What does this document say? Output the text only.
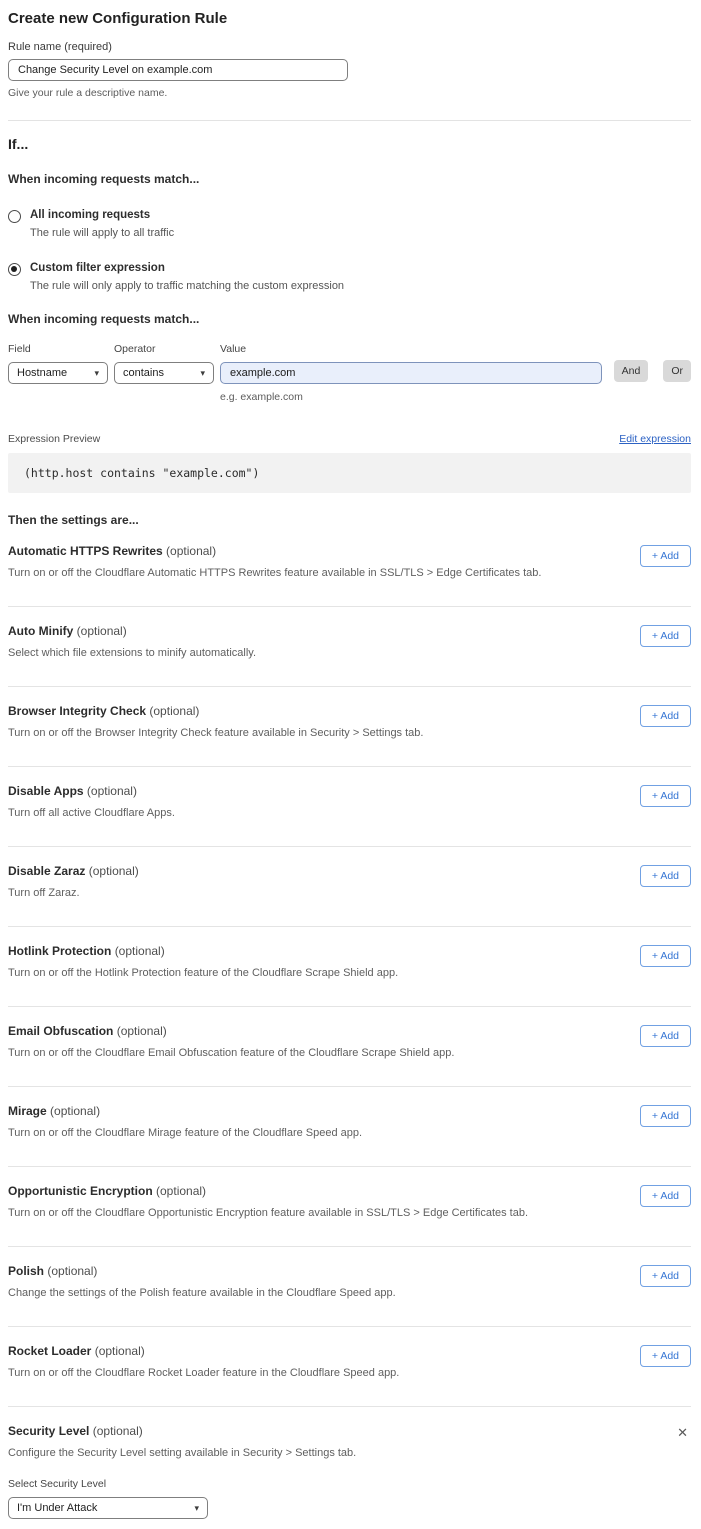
Create new Configuration Rule
Rule name (required)
Change Security Level on example.com
Give your rule a descriptive name.
If...
When incoming requests match...
All incoming requests
The rule will apply to all traffic
Custom filter expression
The rule will only apply to traffic matching the custom expression
When incoming requests match...
Field
Hostname	▾
Operator
contains	▾
Value
example.com
e.g. example.com
And	Or
Expression Preview	Edit expression
(http.host contains "example.com")
Then the settings are...
Automatic HTTPS Rewrites (optional)
Turn on or off the Cloudflare Automatic HTTPS Rewrites feature available in SSL/TLS > Edge Certificates tab.
+ Add
Auto Minify (optional)
Select which file extensions to minify automatically.
+ Add
Browser Integrity Check (optional)
Turn on or off the Browser Integrity Check feature available in Security > Settings tab.
+ Add
Disable Apps (optional)
Turn off all active Cloudflare Apps.
+ Add
Disable Zaraz (optional)
Turn off Zaraz.
+ Add
Hotlink Protection (optional)
Turn on or off the Hotlink Protection feature of the Cloudflare Scrape Shield app.
+ Add
Email Obfuscation (optional)
Turn on or off the Cloudflare Email Obfuscation feature of the Cloudflare Scrape Shield app.
+ Add
Mirage (optional)
Turn on or off the Cloudflare Mirage feature of the Cloudflare Speed app.
+ Add
Opportunistic Encryption (optional)
Turn on or off the Cloudflare Opportunistic Encryption feature available in SSL/TLS > Edge Certificates tab.
+ Add
Polish (optional)
Change the settings of the Polish feature available in the Cloudflare Speed app.
+ Add
Rocket Loader (optional)
Turn on or off the Cloudflare Rocket Loader feature in the Cloudflare Speed app.
+ Add
Security Level (optional)
Configure the Security Level setting available in Security > Settings tab.
Select Security Level
I'm Under Attack	▾
✕
